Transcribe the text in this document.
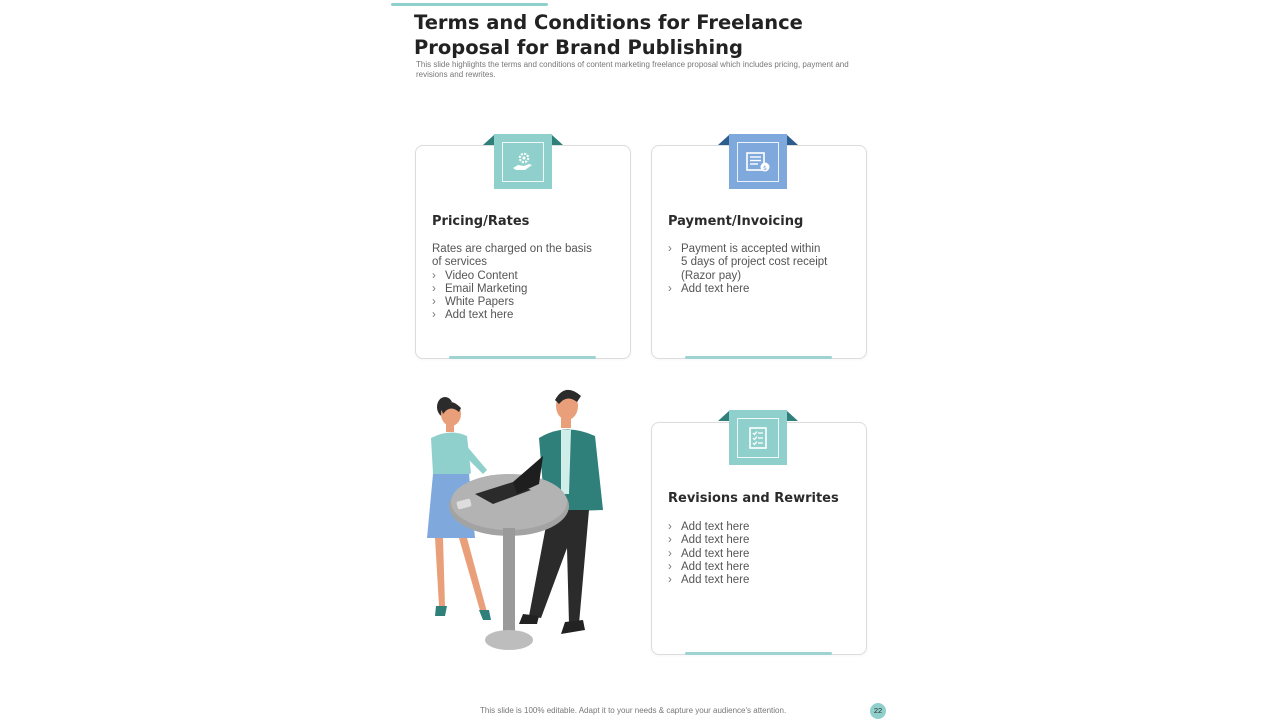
Terms and Conditions for Freelance Proposal for Brand Publishing
This slide highlights the terms and conditions of content marketing freelance proposal which includes pricing, payment and revisions and rewrites.
Pricing/Rates
Rates are charged on the basis of services
› Video Content
› Email Marketing
› White Papers
› Add text here
Payment/Invoicing
› Payment is accepted within 5 days of project cost receipt (Razor pay)
› Add text here
$
Revisions and Rewrites
› Add text here
› Add text here
› Add text here
› Add text here
› Add text here
This slide is 100% editable. Adapt it to your needs & capture your audience's attention.	22
